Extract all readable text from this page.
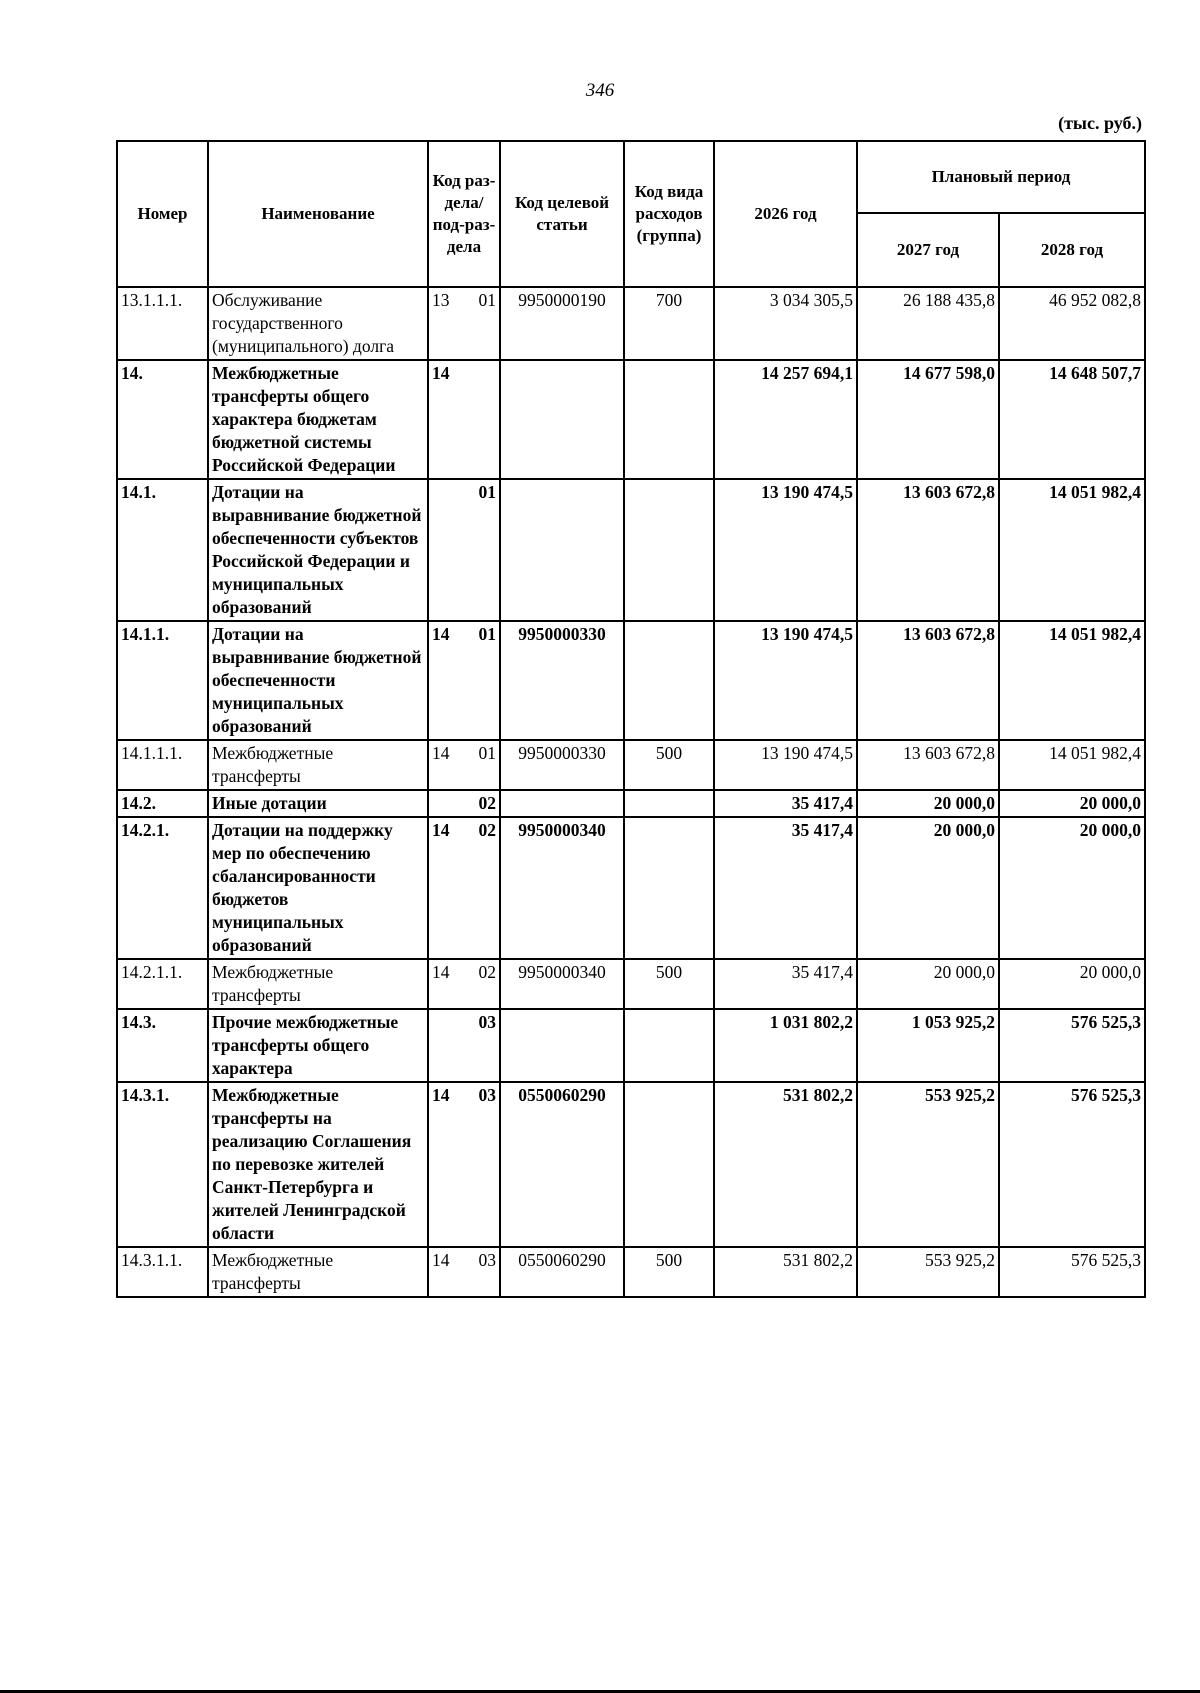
346
(тыс. руб.)
Номер	Наименование	Код раз-дела/ под-раз-дела	Код целевой статьи	Код вида расходов (группа)	2026 год	Плановый период	
						2027 год	2028 год
13.1.1.1.	Обслуживание государственного (муниципального) долга	13 01	9950000190	700	3 034 305,5	26 188 435,8	46 952 082,8
14.	Межбюджетные трансферты общего характера бюджетам бюджетной системы Российской Федерации	14			14 257 694,1	14 677 598,0	14 648 507,7
14.1.	Дотации на выравнивание бюджетной обеспеченности субъектов Российской Федерации и муниципальных образований	01			13 190 474,5	13 603 672,8	14 051 982,4
14.1.1.	Дотации на выравнивание бюджетной обеспеченности муниципальных образований	14 01	9950000330		13 190 474,5	13 603 672,8	14 051 982,4
14.1.1.1.	Межбюджетные трансферты	14 01	9950000330	500	13 190 474,5	13 603 672,8	14 051 982,4
14.2.	Иные дотации	02			35 417,4	20 000,0	20 000,0
14.2.1.	Дотации на поддержку мер по обеспечению сбалансированности бюджетов муниципальных образований	14 02	9950000340		35 417,4	20 000,0	20 000,0
14.2.1.1.	Межбюджетные трансферты	14 02	9950000340	500	35 417,4	20 000,0	20 000,0
14.3.	Прочие межбюджетные трансферты общего характера	03			1 031 802,2	1 053 925,2	576 525,3
14.3.1.	Межбюджетные трансферты на реализацию Соглашения по перевозке жителей Санкт-Петербурга и жителей Ленинградской области	14 03	0550060290		531 802,2	553 925,2	576 525,3
14.3.1.1.	Межбюджетные трансферты	14 03	0550060290	500	531 802,2	553 925,2	576 525,3
